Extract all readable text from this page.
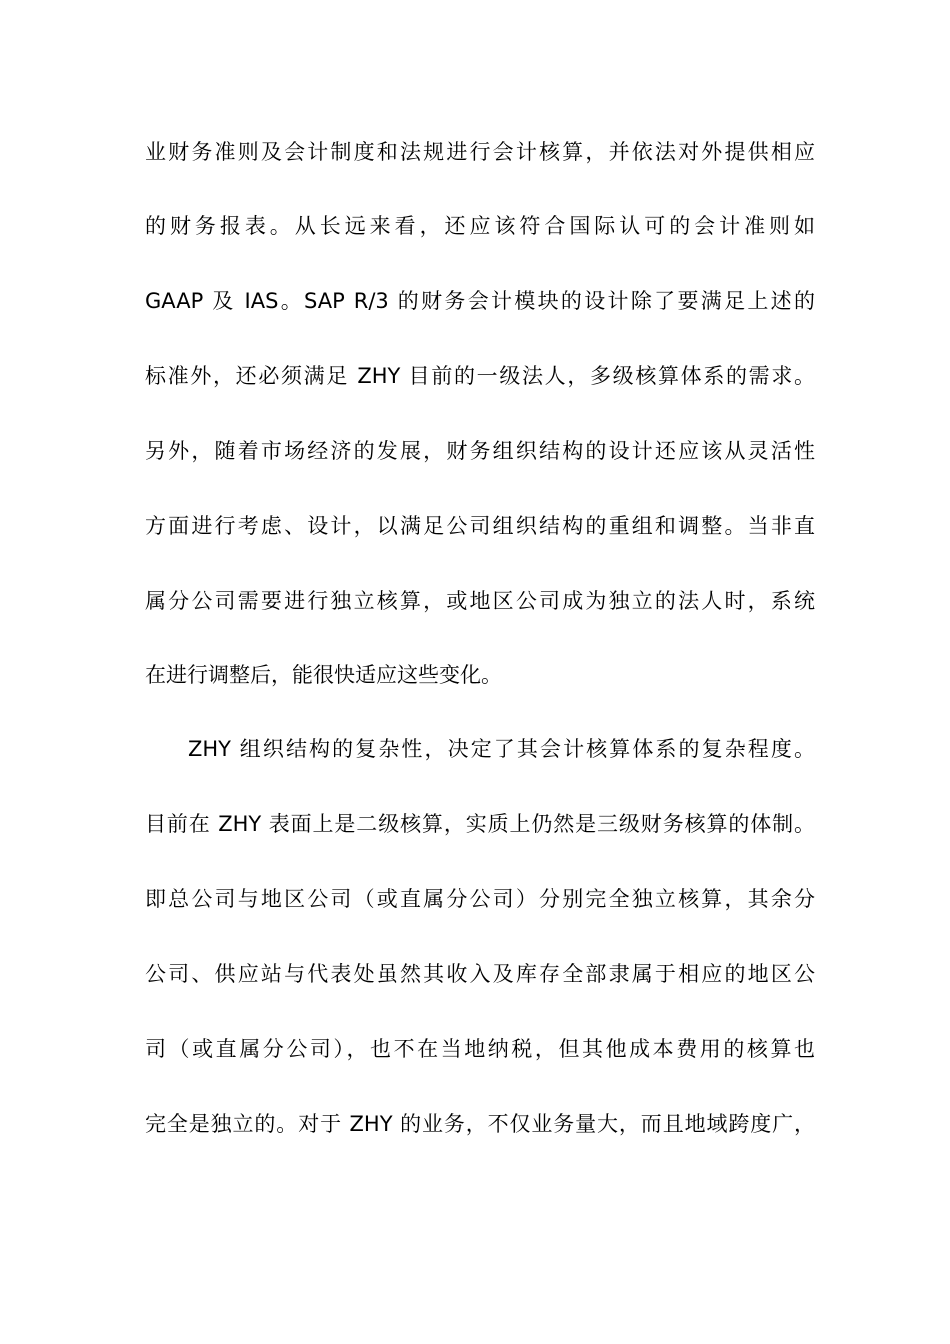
业财务准则及会计制度和法规进行会计核算，并依法对外提供相应
的财务报表。从长远来看，还应该符合国际认可的会计准则如
GAAP 及 IAS。SAP R/3 的财务会计模块的设计除了要满足上述的
标准外，还必须满足 ZHY 目前的一级法人，多级核算体系的需求。
另外，随着市场经济的发展，财务组织结构的设计还应该从灵活性
方面进行考虑、设计，以满足公司组织结构的重组和调整。当非直
属分公司需要进行独立核算，或地区公司成为独立的法人时，系统
在进行调整后，能很快适应这些变化。
ZHY 组织结构的复杂性，决定了其会计核算体系的复杂程度。
目前在 ZHY 表面上是二级核算，实质上仍然是三级财务核算的体制。
即总公司与地区公司（或直属分公司）分别完全独立核算，其余分
公司、供应站与代表处虽然其收入及库存全部隶属于相应的地区公
司（或直属分公司），也不在当地纳税，但其他成本费用的核算也
完全是独立的。对于 ZHY 的业务，不仅业务量大，而且地域跨度广，
